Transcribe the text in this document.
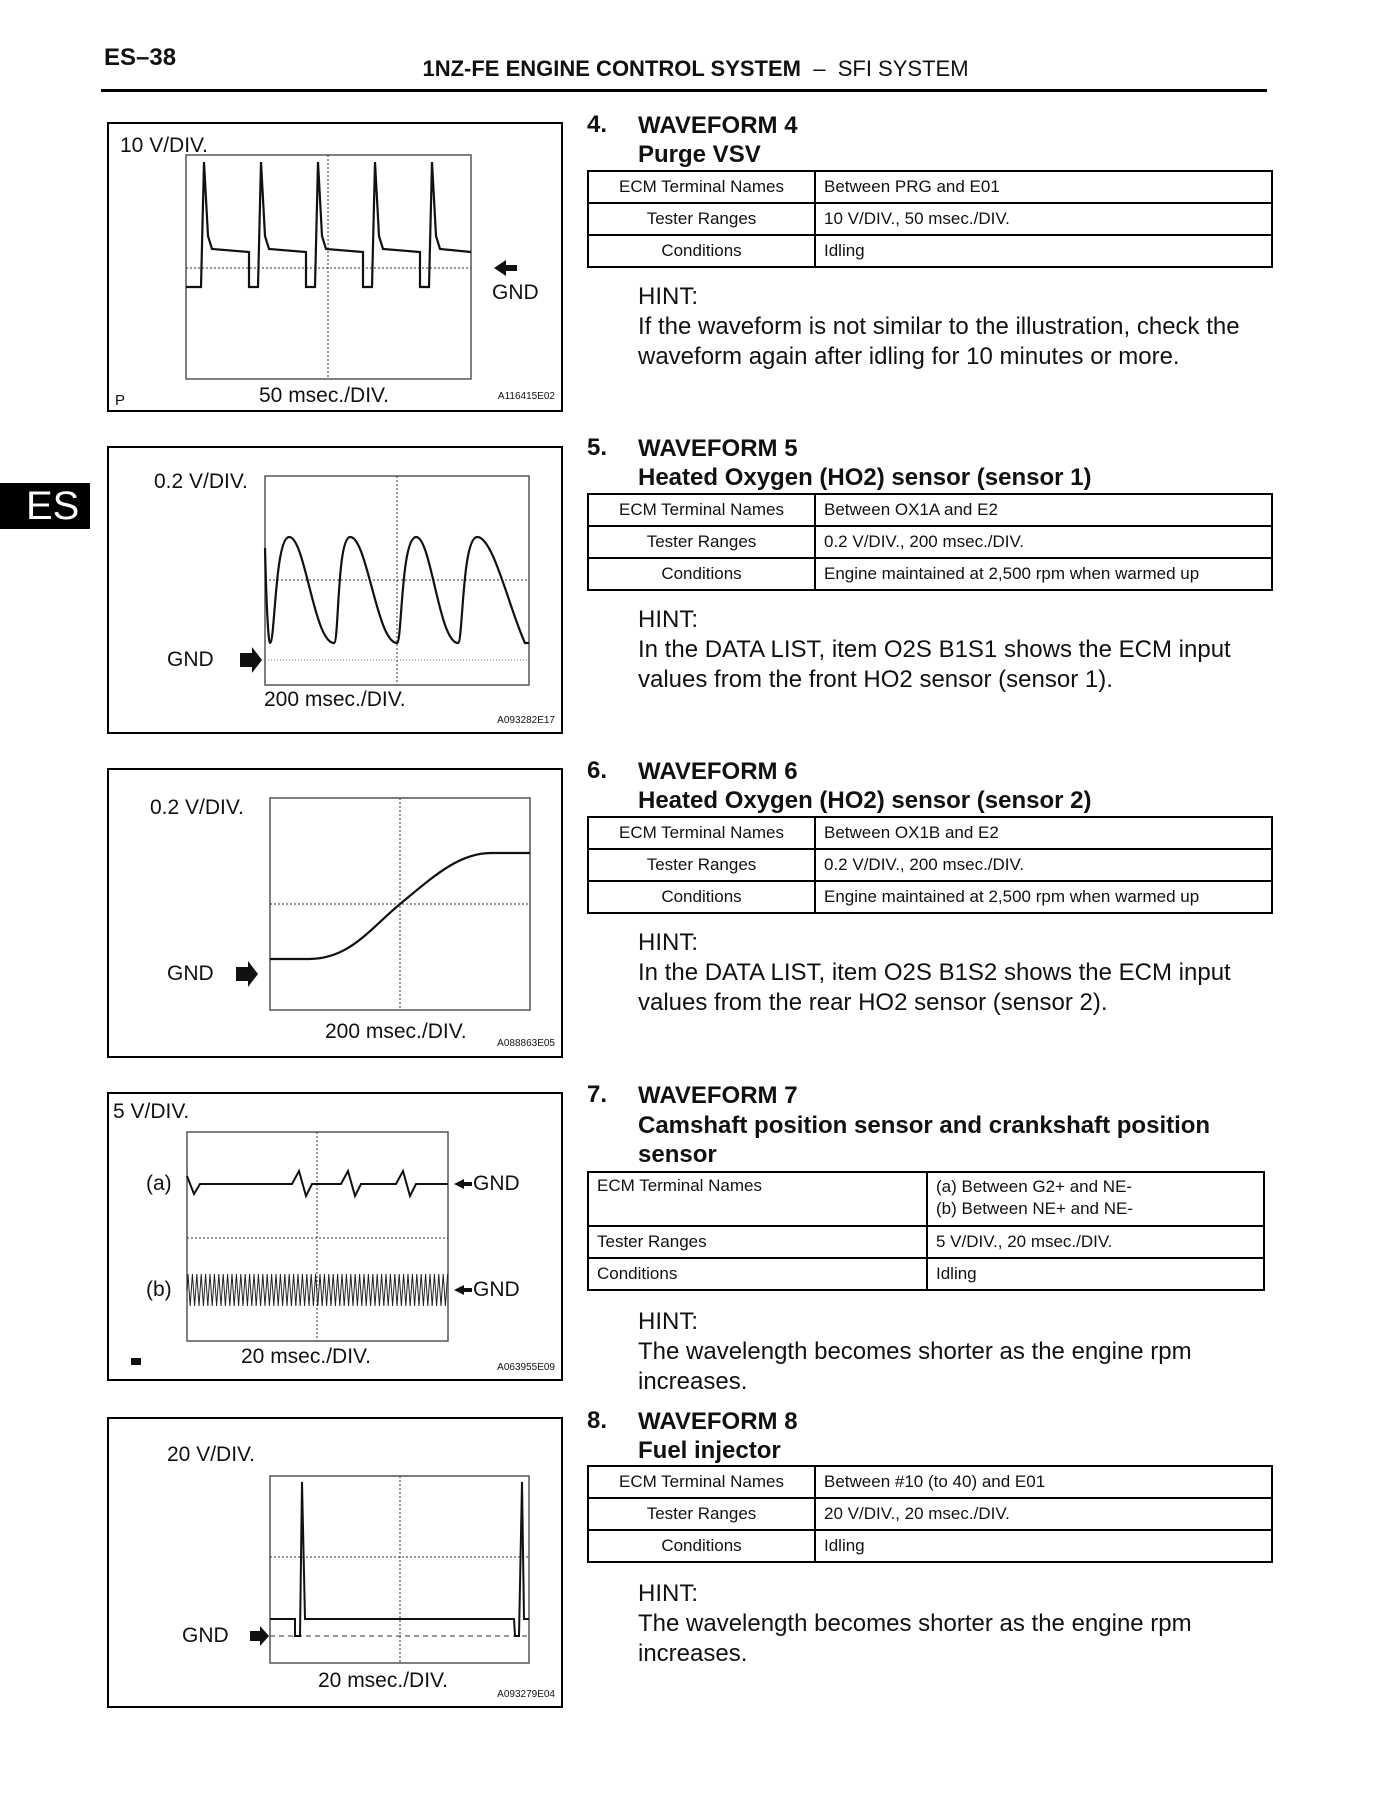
ES–38	1NZ-FE ENGINE CONTROL SYSTEM – SFI SYSTEM
ES
10 V/DIV.
GND
50 msec./DIV.
P	A116415E02
0.2 V/DIV.
GND
200 msec./DIV.
A093282E17
0.2 V/DIV.
GND
200 msec./DIV.
A088863E05
5 V/DIV.
(a)
(b)
GND
GND
20 msec./DIV.	A063955E09
20 V/DIV.
GND
20 msec./DIV.
A093279E04
4. WAVEFORM 4
Purge VSV
ECM Terminal Names	Between PRG and E01
Tester Ranges	10 V/DIV., 50 msec./DIV.
Conditions	Idling
HINT:
If the waveform is not similar to the illustration, check the waveform again after idling for 10 minutes or more.
5. WAVEFORM 5
Heated Oxygen (HO2) sensor (sensor 1)
ECM Terminal Names	Between OX1A and E2
Tester Ranges	0.2 V/DIV., 200 msec./DIV.
Conditions	Engine maintained at 2,500 rpm when warmed up
HINT:
In the DATA LIST, item O2S B1S1 shows the ECM input values from the front HO2 sensor (sensor 1).
6. WAVEFORM 6
Heated Oxygen (HO2) sensor (sensor 2)
ECM Terminal Names	Between OX1B and E2
Tester Ranges	0.2 V/DIV., 200 msec./DIV.
Conditions	Engine maintained at 2,500 rpm when warmed up
HINT:
In the DATA LIST, item O2S B1S2 shows the ECM input values from the rear HO2 sensor (sensor 2).
7. WAVEFORM 7
Camshaft position sensor and crankshaft position
sensor
ECM Terminal Names	(a) Between G2+ and NE-
(b) Between NE+ and NE-

Tester Ranges	5 V/DIV., 20 msec./DIV.
Conditions	Idling
HINT:
The wavelength becomes shorter as the engine rpm increases.
8. WAVEFORM 8
Fuel injector
ECM Terminal Names	Between #10 (to 40) and E01
Tester Ranges	20 V/DIV., 20 msec./DIV.
Conditions	Idling
HINT:
The wavelength becomes shorter as the engine rpm increases.
